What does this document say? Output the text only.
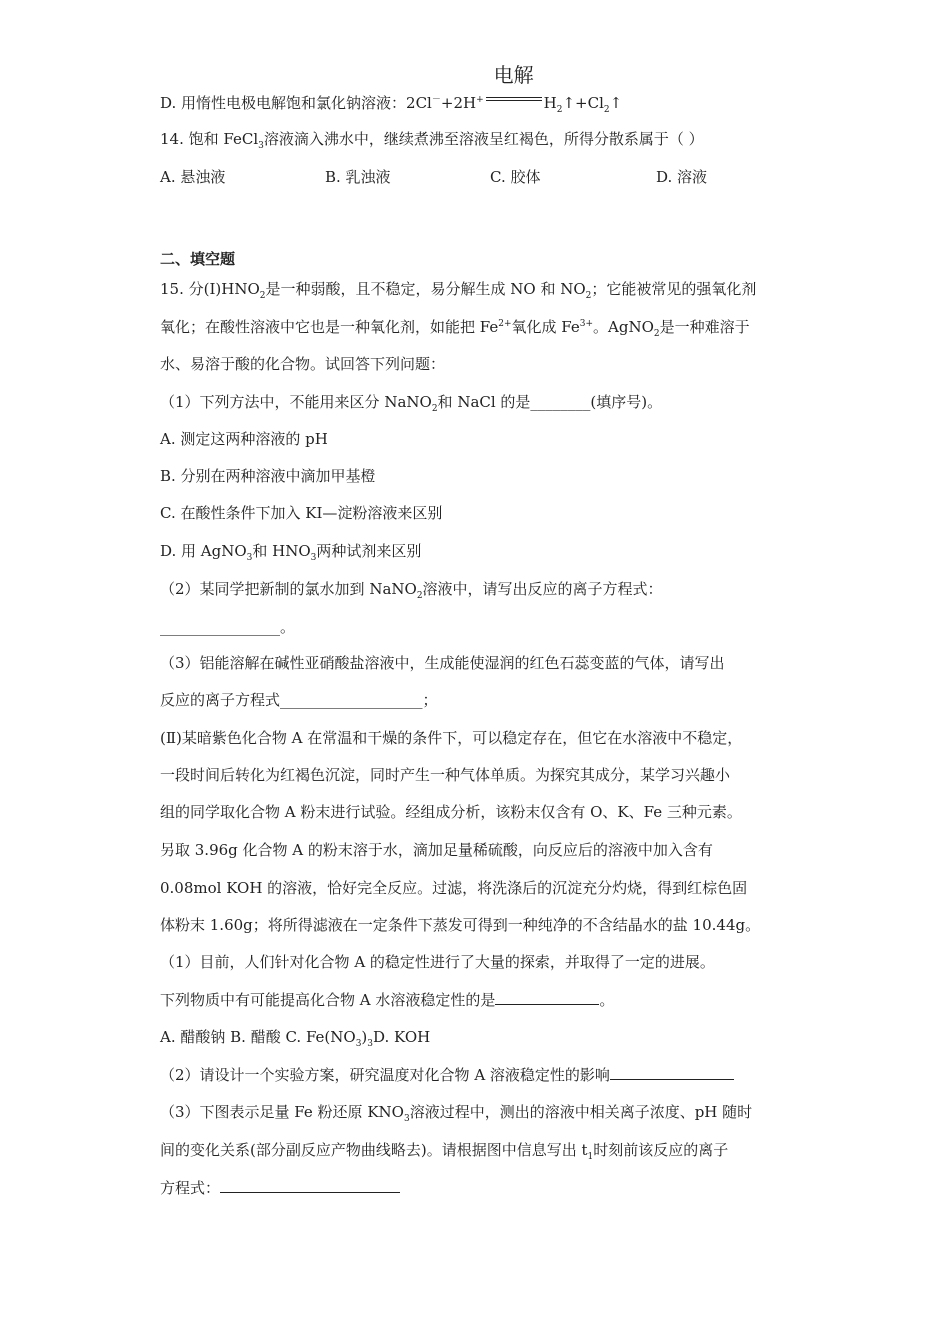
D. 用惰性电极电解饱和氯化钠溶液：2Cl－+2H+
电解
$H_2↑+Cl_2↑$
14. 饱和 FeCl$_3$溶液滴入沸水中，继续煮沸至溶液呈红褐色，所得分散系属于（ ）
A. 悬浊液	B. 乳浊液	C. 胶体	D. 溶液
二、填空题
15. 分$(Ⅰ)HNO_2$是一种弱酸，且不稳定，易分解生成 NO 和 $NO_2$；它能被常见的强氧化剂
氧化；在酸性溶液中它也是一种氧化剂，如能把 $Fe^{2+}$氧化成 $Fe^{3+}$。AgNO$_2$是一种难溶于
水、易溶于酸的化合物。试回答下列问题：
（1）下列方法中，不能用来区分 NaNO$_2$和 NaCl 的是________(填序号)。
A. 测定这两种溶液的 pH
B. 分别在两种溶液中滴加甲基橙
C. 在酸性条件下加入 KI—淀粉溶液来区别
D. 用 AgNO$_3$和 $HNO_3$两种试剂来区别
（2）某同学把新制的氯水加到 NaNO$_2$溶液中，请写出反应的离子方程式：
________________。
（3）铝能溶解在碱性亚硝酸盐溶液中，生成能使湿润的红色石蕊变蓝的气体，请写出
反应的离子方程式___________________；
(Ⅱ)某暗紫色化合物 A 在常温和干燥的条件下，可以稳定存在，但它在水溶液中不稳定，
一段时间后转化为红褐色沉淀，同时产生一种气体单质。为探究其成分，某学习兴趣小
组的同学取化合物 A 粉末进行试验。经组成分析，该粉末仅含有 O、K、Fe 三种元素。
另取 3.96g 化合物 A 的粉末溶于水，滴加足量稀硫酸，向反应后的溶液中加入含有
0.08mol KOH 的溶液，恰好完全反应。过滤，将洗涤后的沉淀充分灼烧，得到红棕色固
体粉末 1.60g；将所得滤液在一定条件下蒸发可得到一种纯净的不含结晶水的盐 10.44g。
（1）目前，人们针对化合物 A 的稳定性进行了大量的探索，并取得了一定的进展。
下列物质中有可能提高化合物 A 水溶液稳定性的是	。
A. 醋酸钠 B. 醋酸 C. $Fe(NO_3)_3D$. KOH
（2）请设计一个实验方案，研究温度对化合物 A 溶液稳定性的影响
（3）下图表示足量 Fe 粉还原 $KNO_3$溶液过程中，测出的溶液中相关离子浓度、pH 随时
间的变化关系(部分副反应产物曲线略去)。请根据图中信息写出 $t_1$时刻前该反应的离子
方程式：
